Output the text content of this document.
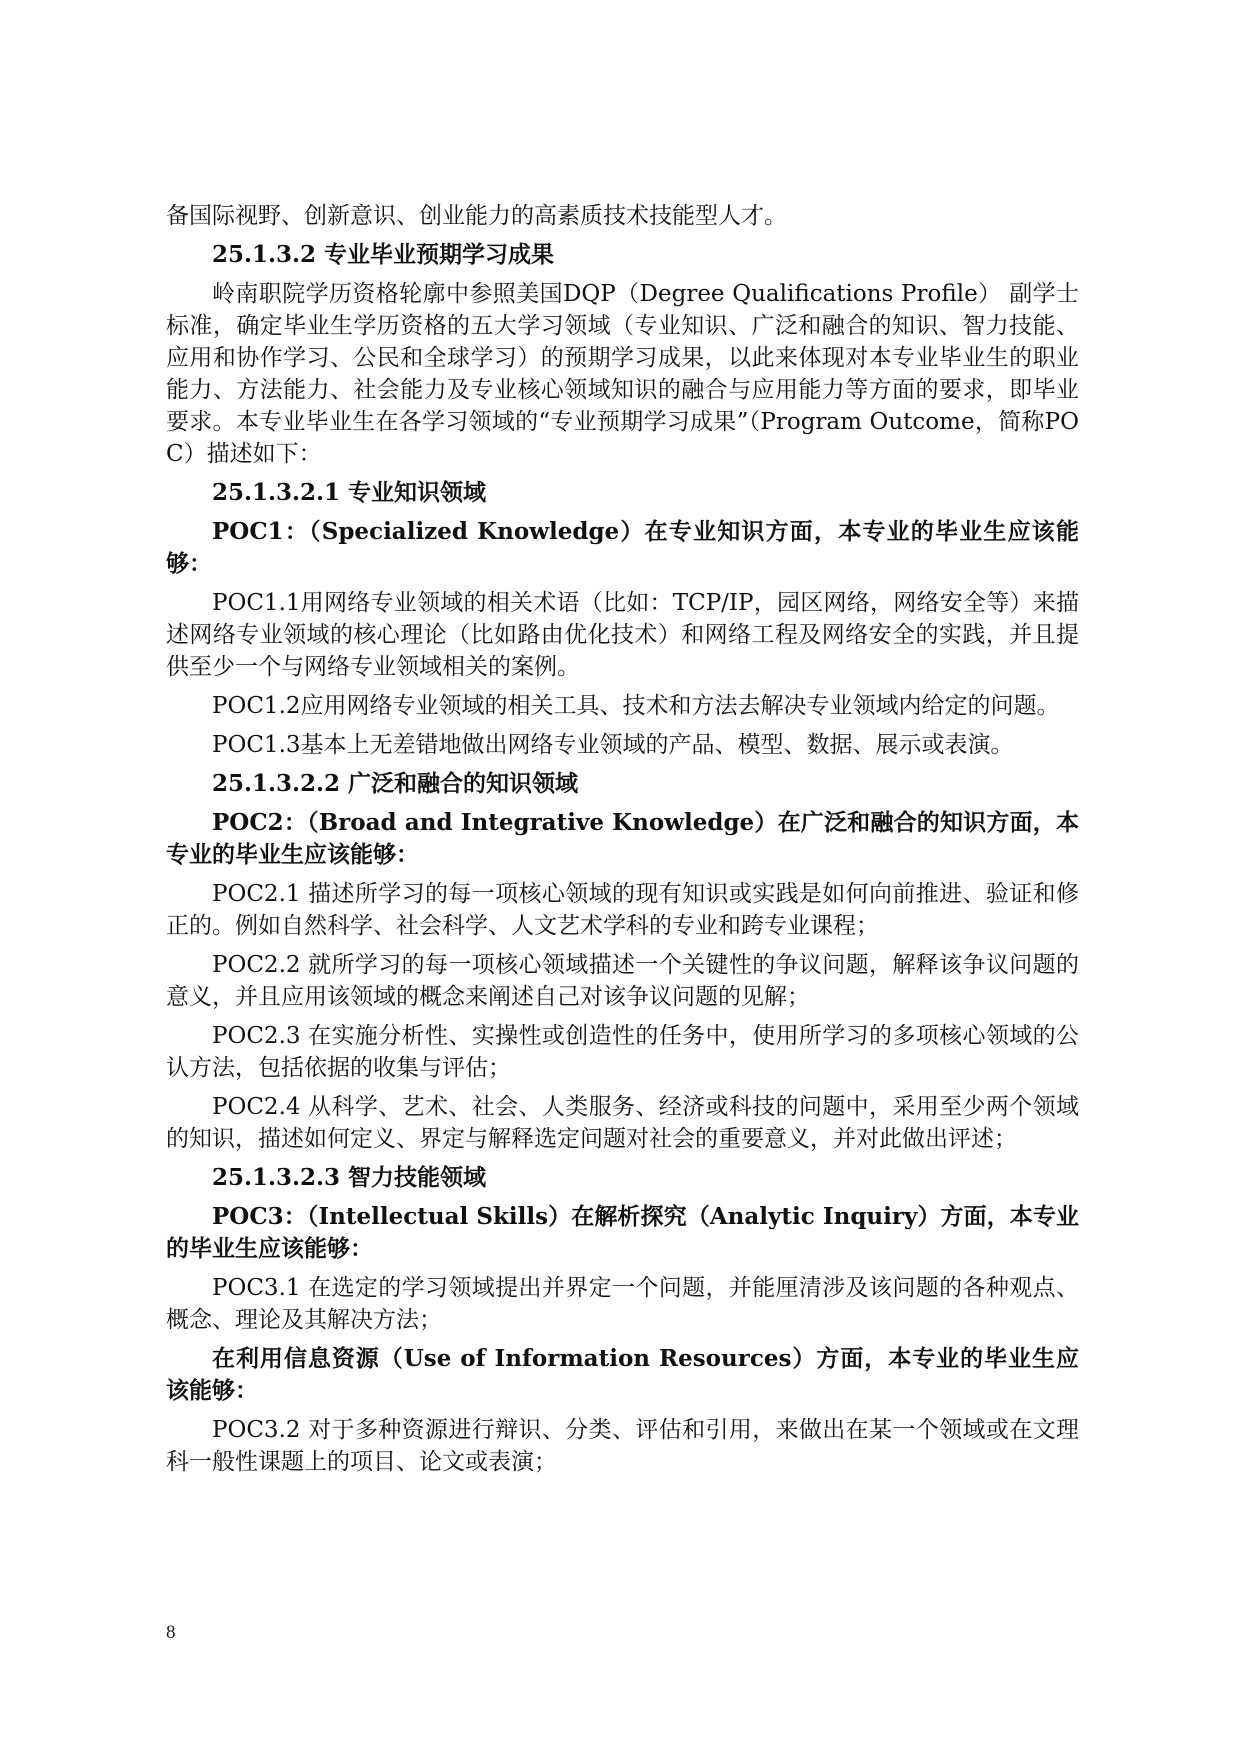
备国际视野、创新意识、创业能力的高素质技术技能型人才。

25.1.3.2 专业毕业预期学习成果

岭南职院学历资格轮廓中参照美国DQP（Degree Qualifications Profile） 副学士标准，确定毕业生学历资格的五大学习领域（专业知识、广泛和融合的知识、智力技能、应用和协作学习、公民和全球学习）的预期学习成果，以此来体现对本专业毕业生的职业能力、方法能力、社会能力及专业核心领域知识的融合与应用能力等方面的要求，即毕业要求。本专业毕业生在各学习领域的“专业预期学习成果”（Program Outcome，简称POC）描述如下：

25.1.3.2.1 专业知识领域

POC1：（Specialized Knowledge）在专业知识方面，本专业的毕业生应该能够：

POC1.1用网络专业领域的相关术语（比如：TCP/IP，园区网络，网络安全等）来描述网络专业领域的核心理论（比如路由优化技术）和网络工程及网络安全的实践，并且提供至少一个与网络专业领域相关的案例。

POC1.2应用网络专业领域的相关工具、技术和方法去解决专业领域内给定的问题。

POC1.3基本上无差错地做出网络专业领域的产品、模型、数据、展示或表演。

25.1.3.2.2 广泛和融合的知识领域

POC2：（Broad and Integrative Knowledge）在广泛和融合的知识方面，本专业的毕业生应该能够：

POC2.1 描述所学习的每一项核心领域的现有知识或实践是如何向前推进、验证和修正的。例如自然科学、社会科学、人文艺术学科的专业和跨专业课程；

POC2.2 就所学习的每一项核心领域描述一个关键性的争议问题，解释该争议问题的意义，并且应用该领域的概念来阐述自己对该争议问题的见解；

POC2.3 在实施分析性、实操性或创造性的任务中，使用所学习的多项核心领域的公认方法，包括依据的收集与评估；

POC2.4 从科学、艺术、社会、人类服务、经济或科技的问题中，采用至少两个领域的知识，描述如何定义、界定与解释选定问题对社会的重要意义，并对此做出评述；

25.1.3.2.3 智力技能领域

POC3：（Intellectual Skills）在解析探究（Analytic Inquiry）方面，本专业的毕业生应该能够：

POC3.1 在选定的学习领域提出并界定一个问题，并能厘清涉及该问题的各种观点、概念、理论及其解决方法；

在利用信息资源（Use of Information Resources）方面，本专业的毕业生应该能够：

POC3.2 对于多种资源进行辩识、分类、评估和引用，来做出在某一个领域或在文理科一般性课题上的项目、论文或表演；

8
